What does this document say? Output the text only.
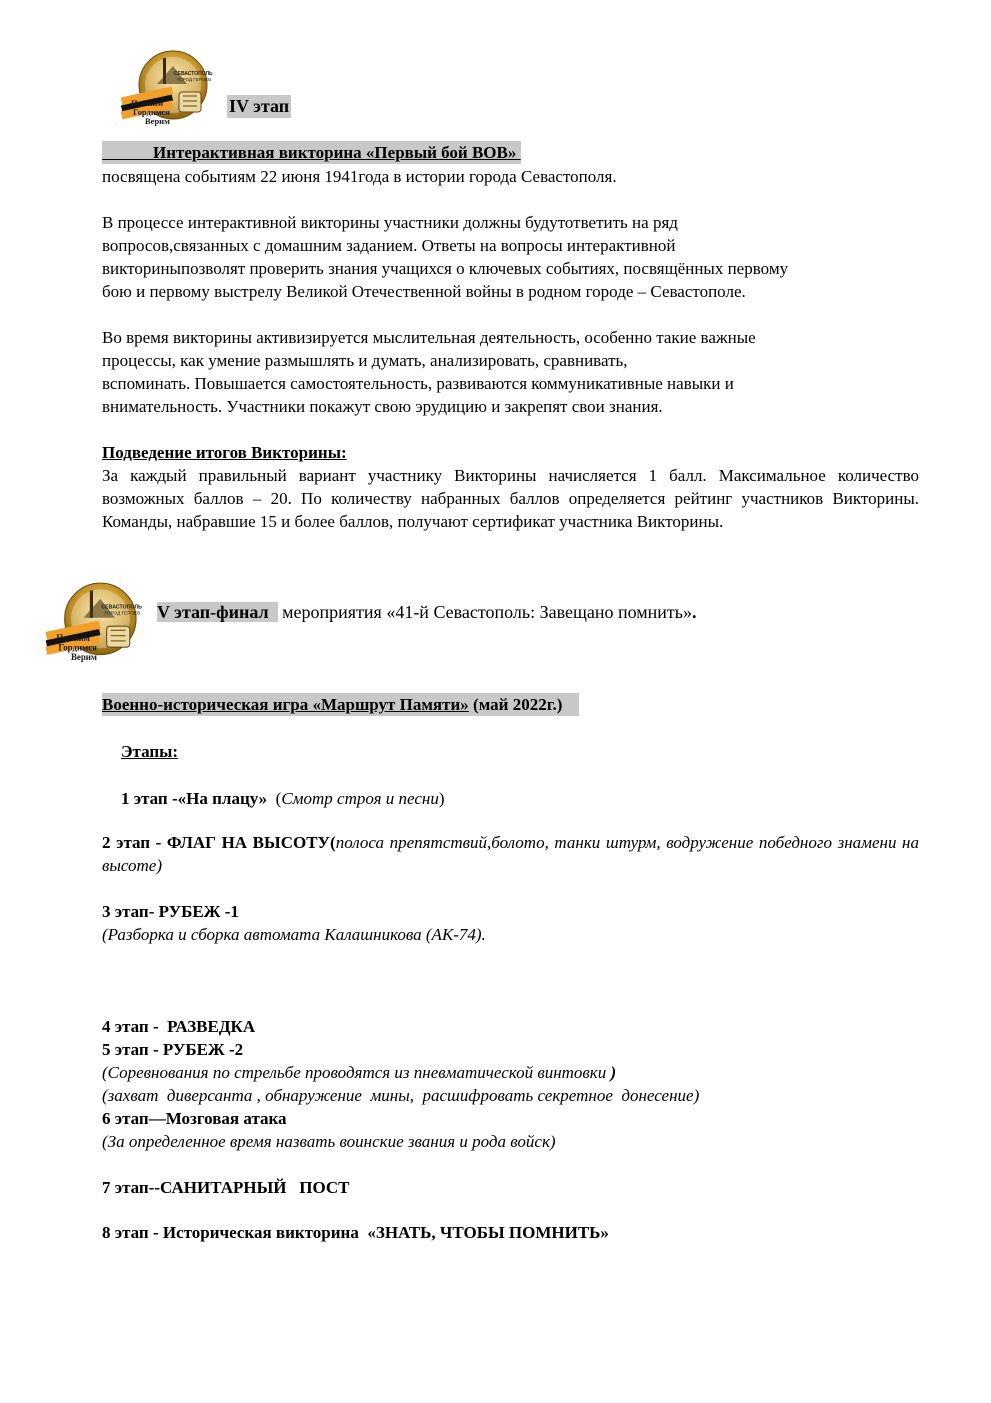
Помним
Гордимся
Верим
СЕВАСТОПОЛЬ
ГОРОД ГЕРОЕВ
IV этап
Интерактивная викторина «Первый бой ВОВ»
посвящена событиям 22 июня 1941года в истории города Севастополя.
В процессе интерактивной викторины участники должны будутответить на ряд
вопросов,связанных с домашним заданием. Ответы на вопросы интерактивной
викториныпозволят проверить знания учащихся о ключевых событиях, посвящённых первому
бою и первому выстрелу Великой Отечественной войны в родном городе – Севастополе.
Во время викторины активизируется мыслительная деятельность, особенно такие важные
процессы, как умение размышлять и думать, анализировать, сравнивать,
вспоминать. Повышается самостоятельность, развиваются коммуникативные навыки и
внимательность. Участники покажут свою эрудицию и закрепят свои знания.
Подведение итогов Викторины:
За каждый правильный вариант участнику Викторины начисляется 1 балл. Максимальное количество возможных баллов – 20. По количеству набранных баллов определяется рейтинг участников Викторины. Команды, набравшие 15 и более баллов, получают сертификат участника Викторины.
Помним
Гордимся
Верим
СЕВАСТОПОЛЬ
ГОРОД ГЕРОЕВ V этап-финал   мероприятия «41-й Севастополь: Завещано помнить».
Военно-историческая игра «Маршрут Памяти» (май 2022г.)
Этапы:
1 этап -«На плацу»  (Смотр строя и песни)
2 этап - ФЛАГ НА ВЫСОТУ(полоса препятствий,болото, танки штурм, водружение победного знамени на высоте)
3 этап- РУБЕЖ -1
(Разборка и сборка автомата Калашникова (АК-74).

4 этап -  РАЗВЕДКА

(захват  диверсанта , обнаружение  мины,  расшифровать секретное  донесение)

5 этап - РУБЕЖ -2
(Соревнования по стрельбе проводятся из пневматической винтовки )
6 этап—Мозговая атака
(За определенное время назвать воинские звания и рода войск)
7 этап--САНИТАРНЫЙ   ПОСТ
8 этап - Историческая викторина  «ЗНАТЬ, ЧТОБЫ ПОМНИТЬ»
